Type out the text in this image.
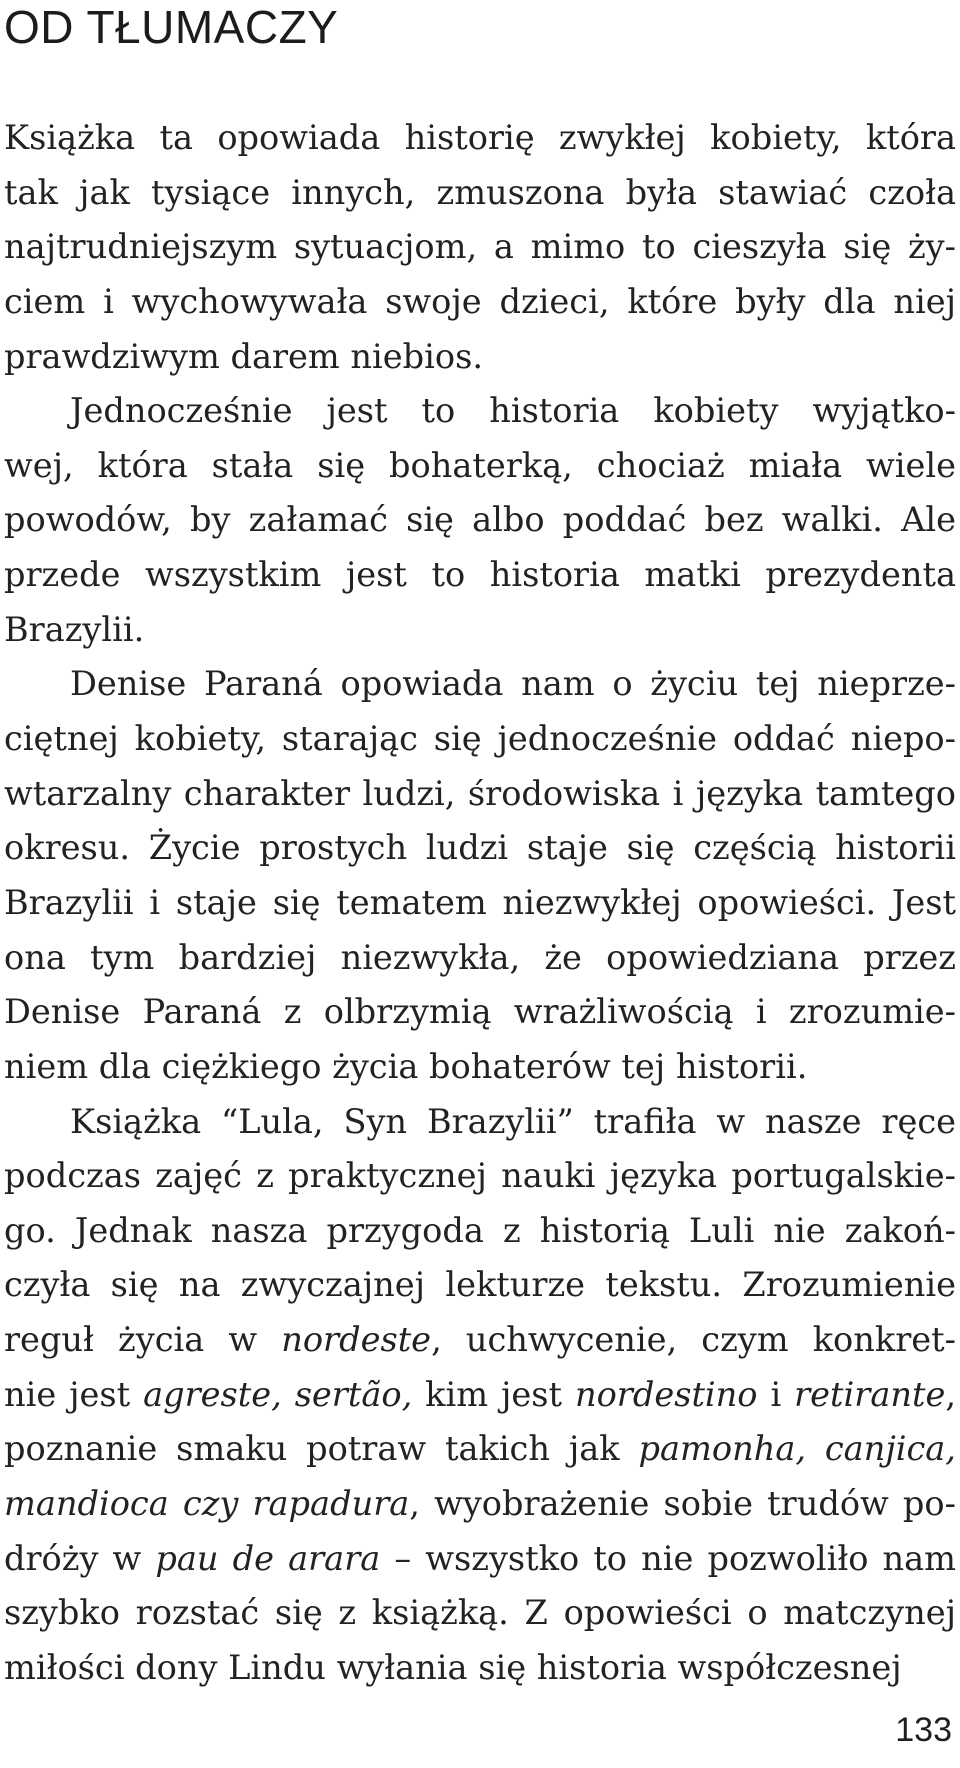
OD TŁUMACZY
Książka ta opowiada historię zwykłej kobiety, która
tak jak tysiące innych, zmuszona była stawiać czoła
najtrudniejszym sytuacjom, a mimo to cieszyła się ży-
ciem i wychowywała swoje dzieci, które były dla niej
prawdziwym darem niebios.
Jednocześnie jest to historia kobiety wyjątko-
wej, która stała się bohaterką, chociaż miała wiele
powodów, by załamać się albo poddać bez walki. Ale
przede wszystkim jest to historia matki prezydenta
Brazylii.
Denise Paraná opowiada nam o życiu tej nieprze-
ciętnej kobiety, starając się jednocześnie oddać niepo-
wtarzalny charakter ludzi, środowiska i języka tamtego
okresu. Życie prostych ludzi staje się częścią historii
Brazylii i staje się tematem niezwykłej opowieści. Jest
ona tym bardziej niezwykła, że opowiedziana przez
Denise Paraná z olbrzymią wrażliwością i zrozumie-
niem dla ciężkiego życia bohaterów tej historii.
Książka “Lula, Syn Brazylii” trafiła w nasze ręce
podczas zajęć z praktycznej nauki języka portugalskie-
go. Jednak nasza przygoda z historią Luli nie zakoń-
czyła się na zwyczajnej lekturze tekstu. Zrozumienie
reguł życia w nordeste, uchwycenie, czym konkret-
nie jest agreste, sertão, kim jest nordestino i retirante,
poznanie smaku potraw takich jak pamonha, canjica,
mandioca czy rapadura, wyobrażenie sobie trudów po-
dróży w pau de arara – wszystko to nie pozwoliło nam
szybko rozstać się z książką. Z opowieści o matczynej
miłości dony Lindu wyłania się historia współczesnej
133
